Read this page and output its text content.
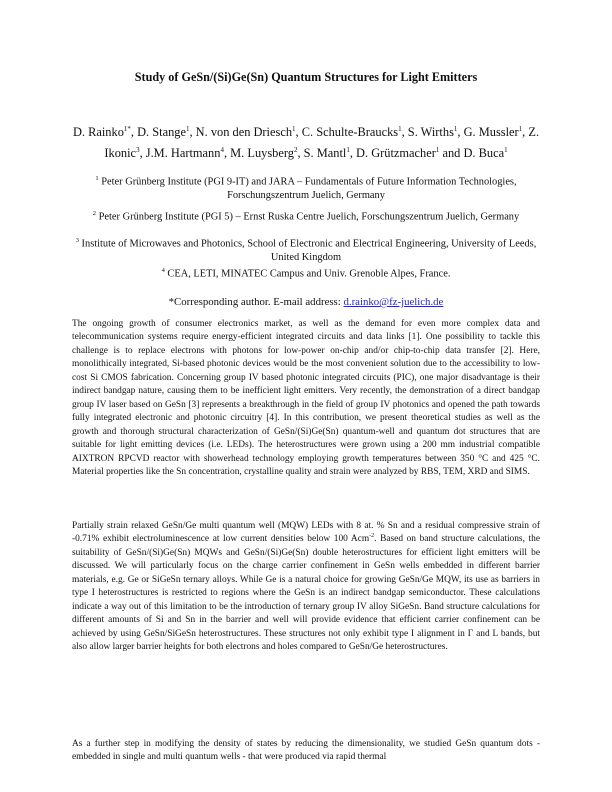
Study of GeSn/(Si)Ge(Sn) Quantum Structures for Light Emitters
D. Rainko$^{1*}$, D. Stange$^1$, N. von den Driesch$^1$, C. Schulte-Braucks$^1$, S. Wirths$^1$, G. Mussler$^1$, Z. Ikonic$^3$, J.M. Hartmann$^4$, M. Luysberg$^2$, S. Mantl$^1$, D. Grützmacher$^1$ and D. Buca$^1$
$^1$ Peter Grünberg Institute (PGI 9-IT) and JARA – Fundamentals of Future Information Technologies, Forschungszentrum Juelich, Germany
$^2$ Peter Grünberg Institute (PGI 5) – Ernst Ruska Centre Juelich, Forschungszentrum Juelich, Germany
$^3$ Institute of Microwaves and Photonics, School of Electronic and Electrical Engineering, University of Leeds, United Kingdom
$^4$ CEA, LETI, MINATEC Campus and Univ. Grenoble Alpes, France.
*Corresponding author. E-mail address: d.rainko@fz-juelich.de

The ongoing growth of consumer electronics market, as well as the demand for even more complex data and telecommunication systems require energy-efficient integrated circuits and data links [1]. One possibility to tackle this challenge is to replace electrons with photons for low-power on-chip and/or chip-to-chip data transfer [2]. Here, monolithically integrated, Si-based photonic devices would be the most convenient solution due to the accessibility to low-cost Si CMOS fabrication. Concerning group IV based photonic integrated circuits (PIC), one major disadvantage is their indirect bandgap nature, causing them to be inefficient light emitters. Very recently, the demonstration of a direct bandgap group IV laser based on GeSn [3] represents a breakthrough in the field of group IV photonics and opened the path towards fully integrated electronic and photonic circuitry [4]. In this contribution, we present theoretical studies as well as the growth and thorough structural characterization of GeSn/(Si)Ge(Sn) quantum-well and quantum dot structures that are suitable for light emitting devices (i.e. LEDs). The heterostructures were grown using a 200 mm industrial compatible AIXTRON RPCVD reactor with showerhead technology employing growth temperatures between 350 °C and 425 °C. Material properties like the Sn concentration, crystalline quality and strain were analyzed by RBS, TEM, XRD and SIMS.

Partially strain relaxed GeSn/Ge multi quantum well (MQW) LEDs with 8 at. % Sn and a residual compressive strain of -0.71% exhibit electroluminescence at low current densities below 100 Acm$^{-2}$. Based on band structure calculations, the suitability of GeSn/(Si)Ge(Sn) MQWs and GeSn/(Si)Ge(Sn) double heterostructures for efficient light emitters will be discussed. We will particularly focus on the charge carrier confinement in GeSn wells embedded in different barrier materials, e.g. Ge or SiGeSn ternary alloys. While Ge is a natural choice for growing GeSn/Ge MQW, its use as barriers in type I heterostructures is restricted to regions where the GeSn is an indirect bandgap semiconductor. These calculations indicate a way out of this limitation to be the introduction of ternary group IV alloy SiGeSn. Band structure calculations for different amounts of Si and Sn in the barrier and well will provide evidence that efficient carrier confinement can be achieved by using GeSn/SiGeSn heterostructures. These structures not only exhibit type I alignment in Γ and L bands, but also allow larger barrier heights for both electrons and holes compared to GeSn/Ge heterostructures.

As a further step in modifying the density of states by reducing the dimensionality, we studied GeSn quantum dots - embedded in single and multi quantum wells - that were produced via rapid thermal
